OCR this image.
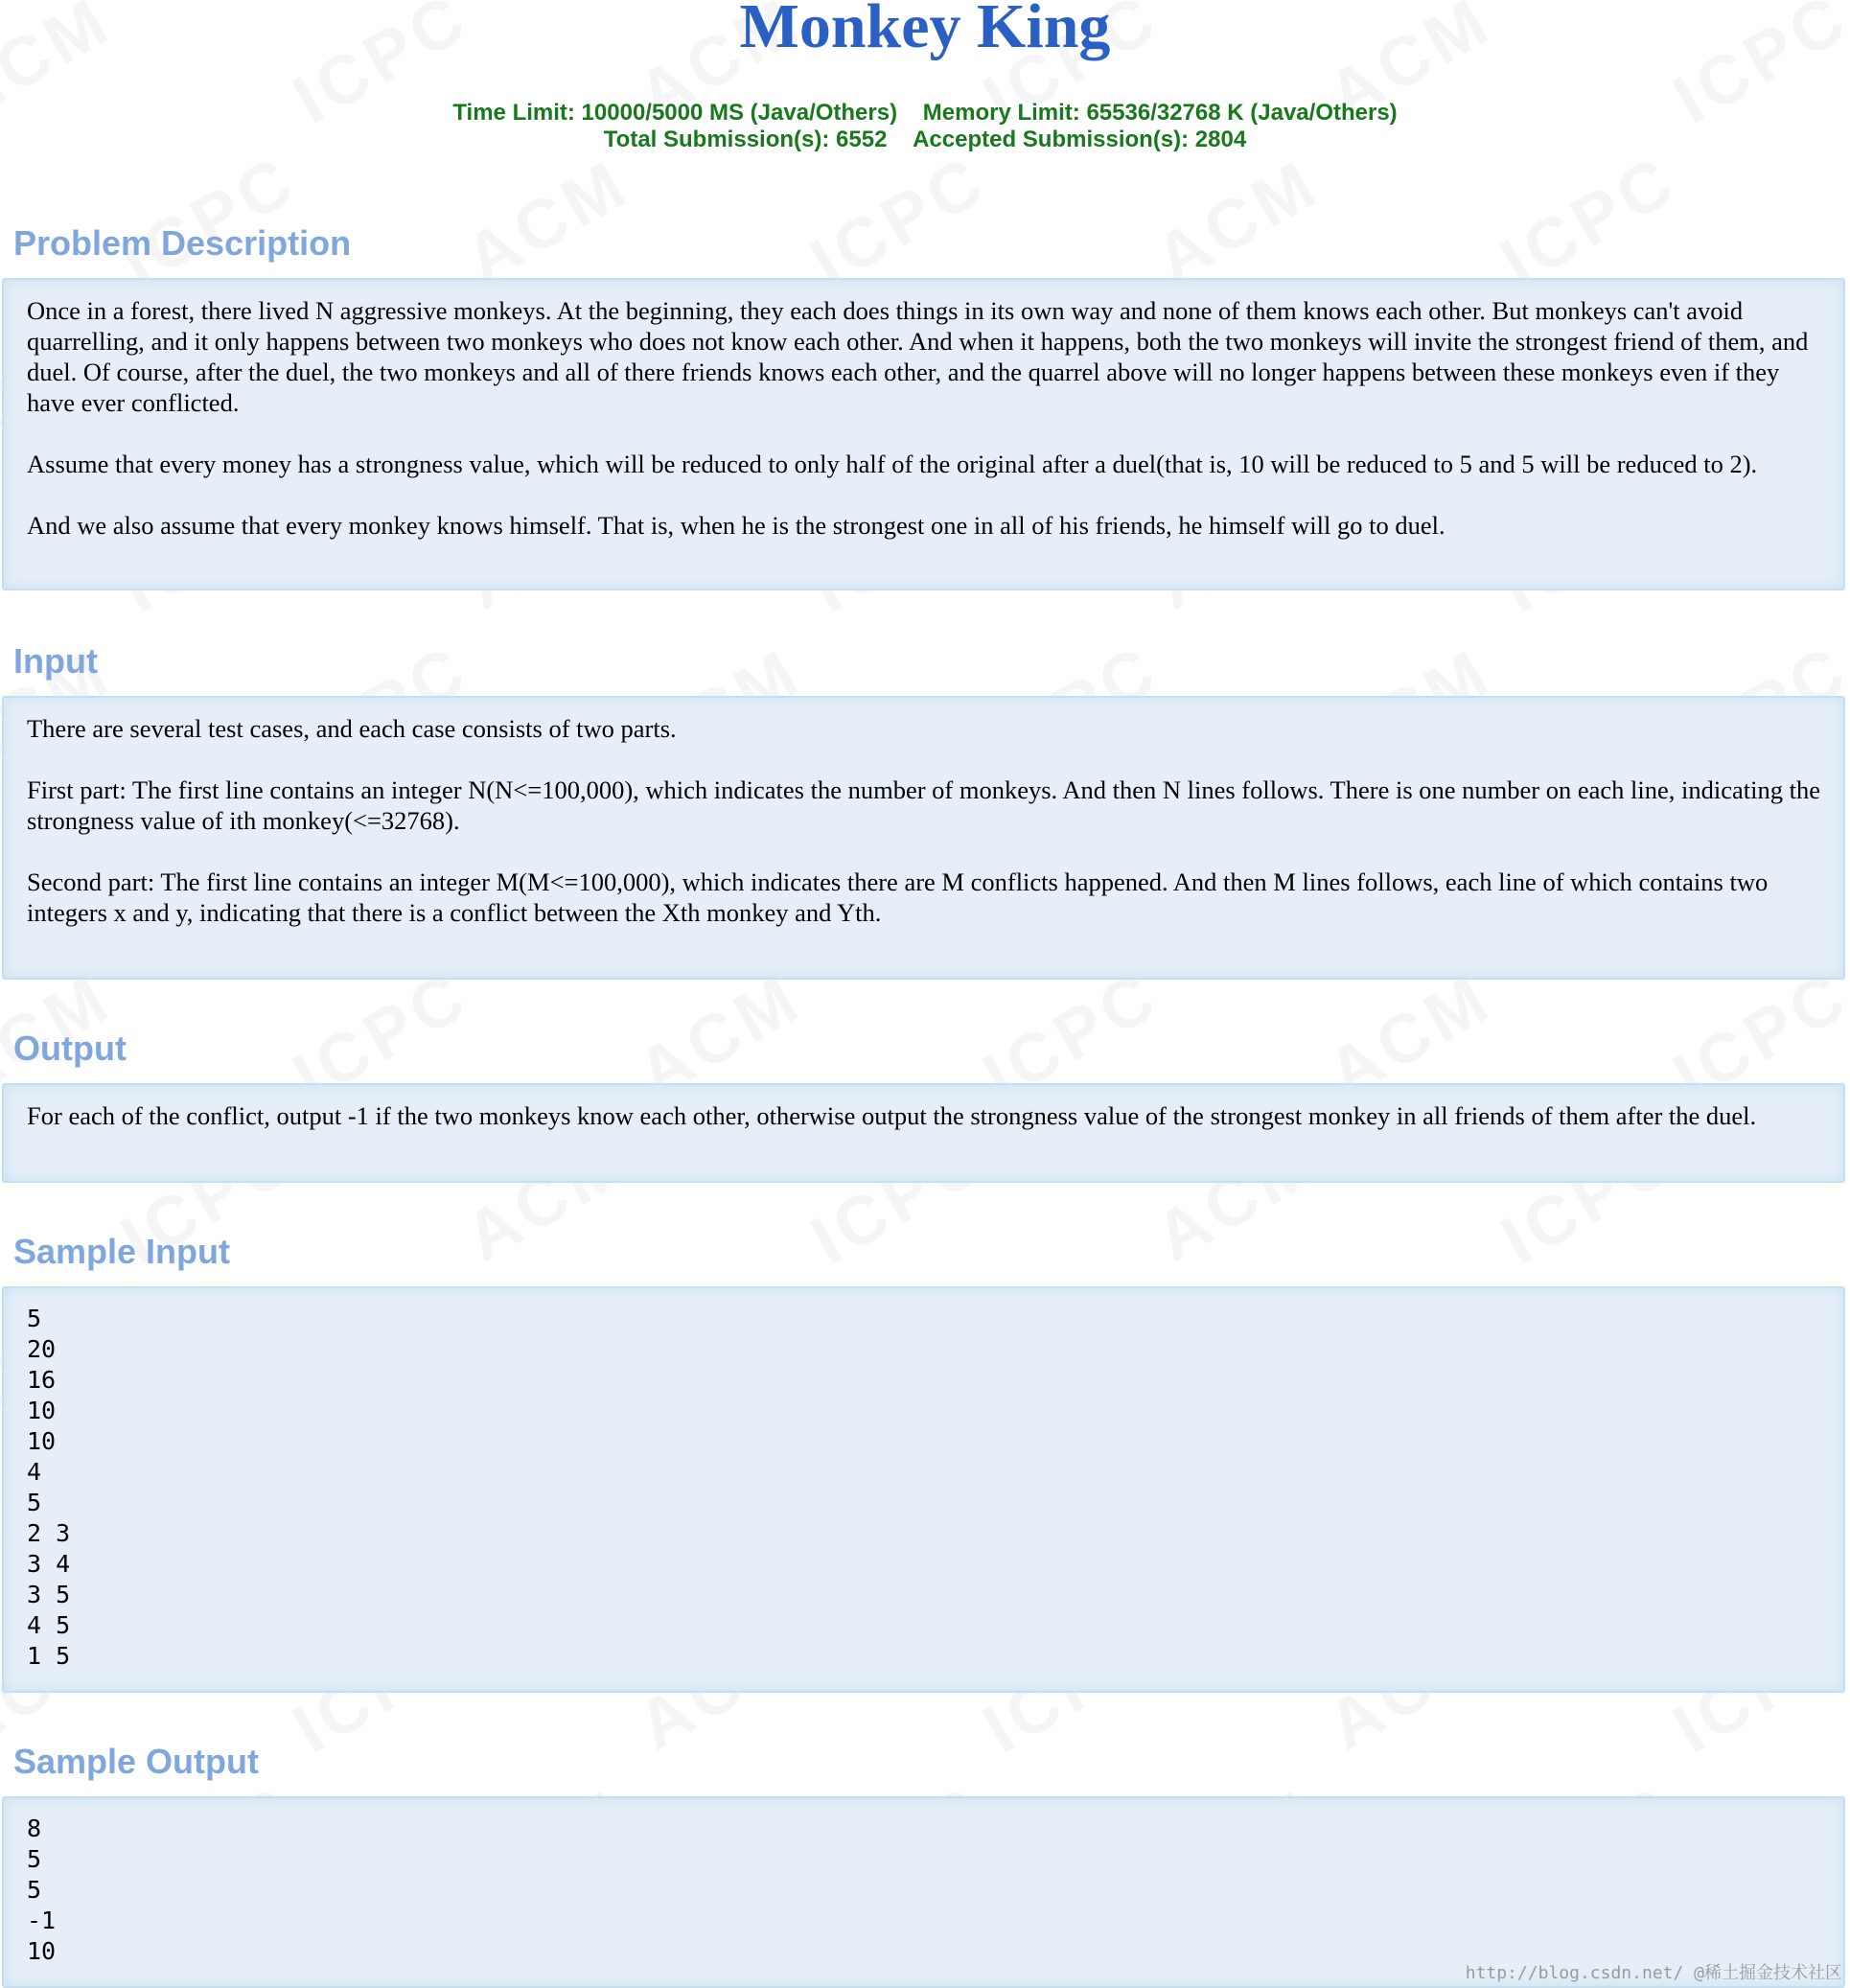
Monkey King
Time Limit: 10000/5000 MS (Java/Others) Memory Limit: 65536/32768 K (Java/Others)
Total Submission(s): 6552 Accepted Submission(s): 2804
Problem Description

Once in a forest, there lived N aggressive monkeys. At the beginning, they each does things in its own way and none of them knows each other. But monkeys can't avoid quarrelling, and it only happens between two monkeys who does not know each other. And when it happens, both the two monkeys will invite the strongest friend of them, and duel. Of course, after the duel, the two monkeys and all of there friends knows each other, and the quarrel above will no longer happens between these monkeys even if they have ever conflicted.

Assume that every money has a strongness value, which will be reduced to only half of the original after a duel(that is, 10 will be reduced to 5 and 5 will be reduced to 2).

And we also assume that every monkey knows himself. That is, when he is the strongest one in all of his friends, he himself will go to duel.

Input

There are several test cases, and each case consists of two parts.

First part: The first line contains an integer N(N<=100,000), which indicates the number of monkeys. And then N lines follows. There is one number on each line, indicating the strongness value of ith monkey(<=32768).

Second part: The first line contains an integer M(M<=100,000), which indicates there are M conflicts happened. And then M lines follows, each line of which contains two integers x and y, indicating that there is a conflict between the Xth monkey and Yth.

Output

For each of the conflict, output -1 if the two monkeys know each other, otherwise output the strongness value of the strongest monkey in all friends of them after the duel.

Sample Input
5
20
16
10
10
4
5
2 3
3 4
3 5
4 5
1 5
Sample Output
8
5
5
-1
10
http://blog.csdn.net/ @稀土掘金技术社区
